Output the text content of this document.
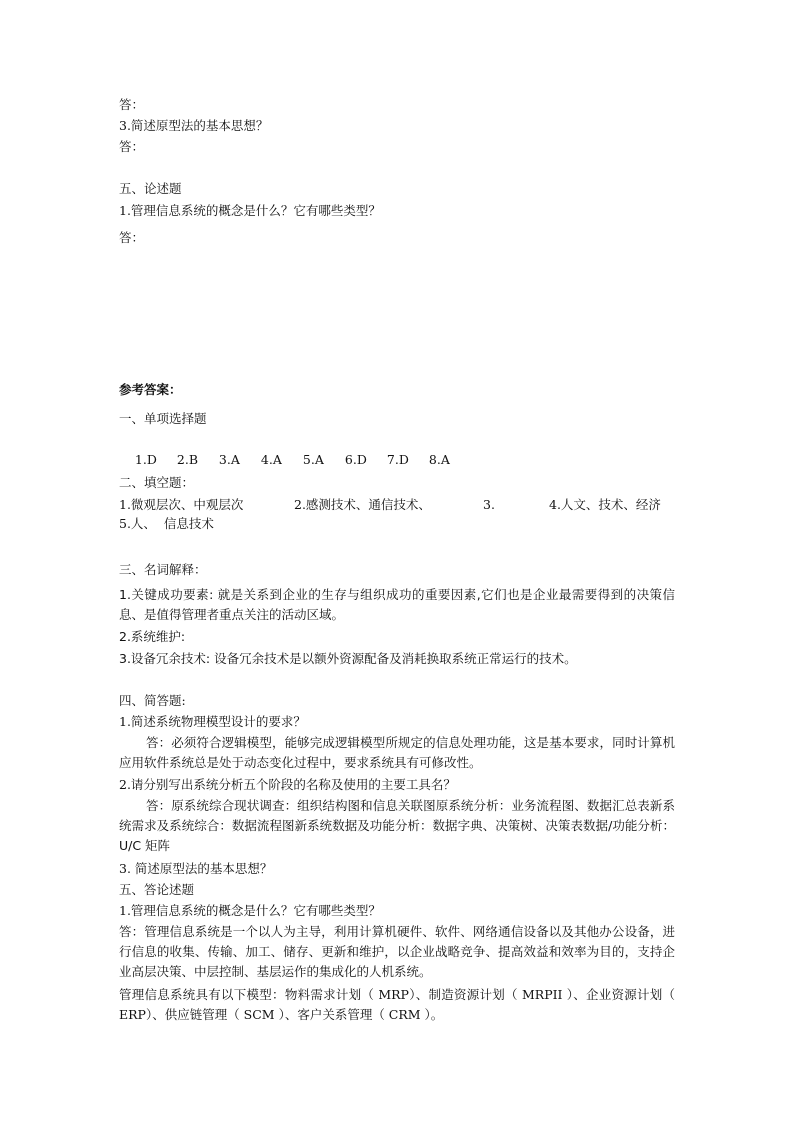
答：
3.简述原型法的基本思想？
答：
五、论述题
1.管理信息系统的概念是什么？它有哪些类型？
答：
参考答案：
一、单项选择题

1.D 2.B 3.A 4.A 5.A 6.D 7.D 8.A

二、填空题：
1.微观层次、中观层次	2.感测技术、通信技术、	3.	4.人文、技术、经济
5.人、  信息技术
三、名词解释：
1.关键成功要素: 就是关系到企业的生存与组织成功的重要因素,它们也是企业最需要得到的决策信息、是值得管理者重点关注的活动区域。
2.系统维护:
3.设备冗余技术: 设备冗余技术是以额外资源配备及消耗换取系统正常运行的技术。
四、简答题:
1.简述系统物理模型设计的要求？
答：必须符合逻辑模型，能够完成逻辑模型所规定的信息处理功能，这是基本要求，同时计算机应用软件系统总是处于动态变化过程中，要求系统具有可修改性。
2.请分别写出系统分析五个阶段的名称及使用的主要工具名？
答：原系统综合现状调查：组织结构图和信息关联图原系统分析：业务流程图、数据汇总表新系统需求及系统综合：数据流程图新系统数据及功能分析：数据字典、决策树、决策表数据/功能分析：U/C 矩阵
3. 简述原型法的基本思想？
五、答论述题
1.管理信息系统的概念是什么？它有哪些类型？
答：管理信息系统是一个以人为主导，利用计算机硬件、软件、网络通信设备以及其他办公设备，进行信息的收集、传输、加工、储存、更新和维护，以企业战略竞争、提高效益和效率为目的，支持企业高层决策、中层控制、基层运作的集成化的人机系统。
管理信息系统具有以下模型：物料需求计划（ MRP）、制造资源计划（ MRPII ）、企业资源计划（ ERP）、供应链管理（ SCM ）、客户关系管理（ CRM ）。
